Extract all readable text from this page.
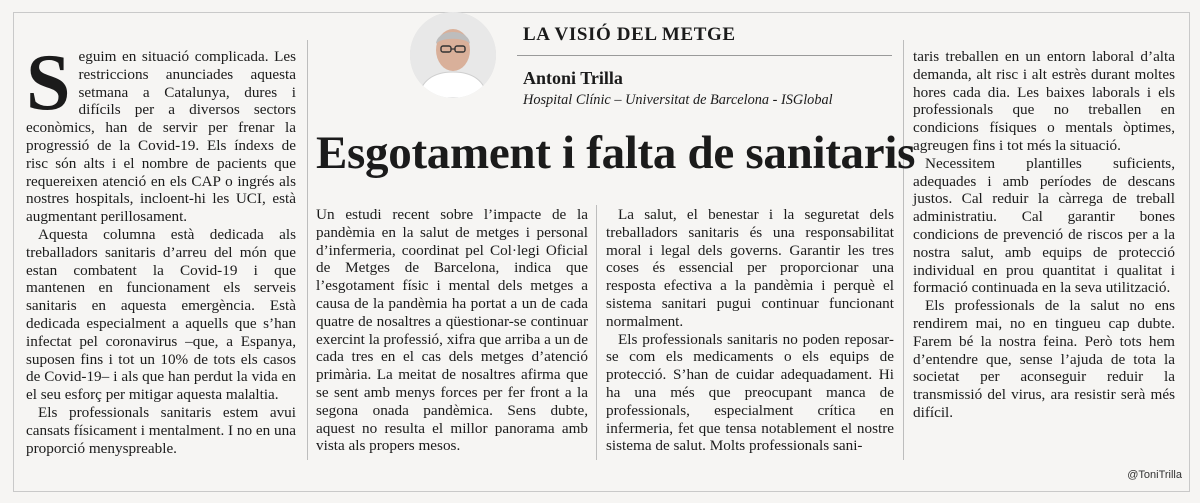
Seguim en situació complicada. Les restriccions anunciades aquesta setmana a Catalunya, dures i difícils per a diversos sectors econòmics, han de servir per frenar la progressió de la Covid-19. Els índexs de risc són alts i el nombre de pacients que requereixen atenció en els CAP o ingrés als nostres hospitals, incloent-hi les UCI, està augmentant perillosament.

Aquesta columna està dedicada als treballadors sanitaris d’arreu del món que estan combatent la Covid-19 i que mantenen en funcionament els serveis sanitaris en aquesta emergència. Està dedicada especialment a aquells que s’han infectat pel coronavirus –que, a Espanya, suposen fins i tot un 10% de tots els casos de Covid-19– i als que han perdut la vida en el seu esforç per mitigar aquesta malaltia.

Els professionals sanitaris estem avui cansats físicament i mentalment. I no en una proporció menyspreable.

LA VISIÓ DEL METGE
Antoni Trilla
Hospital Clínic – Universitat de Barcelona - ISGlobal
Esgotament i falta de sanitaris

Un estudi recent sobre l’impacte de la pandèmia en la salut de metges i personal d’infermeria, coordinat pel Col·legi Oficial de Metges de Barcelona, indica que l’esgotament físic i mental dels metges a causa de la pandèmia ha portat a un de cada quatre de nosaltres a qüestionar-se continuar exercint la professió, xifra que arriba a un de cada tres en el cas dels metges d’atenció primària. La meitat de nosaltres afirma que se sent amb menys forces per fer front a la segona onada pandèmica. Sens dubte, aquest no resulta el millor panorama amb vista als propers mesos.

La salut, el benestar i la seguretat dels treballadors sanitaris és una responsabilitat moral i legal dels governs. Garantir les tres coses és essencial per proporcionar una resposta efectiva a la pandèmia i perquè el sistema sanitari pugui continuar funcionant normalment.

Els professionals sanitaris no poden reposar-se com els medicaments o els equips de protecció. S’han de cuidar adequadament. Hi ha una més que preocupant manca de professionals, especialment crítica en infermeria, fet que tensa notablement el nostre sistema de salut. Molts professionals sani-

taris treballen en un entorn laboral d’alta demanda, alt risc i alt estrès durant moltes hores cada dia. Les baixes laborals i els professionals que no treballen en condicions físiques o mentals òptimes, agreugen fins i tot més la situació.

Necessitem plantilles suficients, adequades i amb períodes de descans justos. Cal reduir la càrrega de treball administratiu. Cal garantir bones condicions de prevenció de riscos per a la nostra salut, amb equips de protecció individual en prou quantitat i qualitat i formació continuada en la seva utilització.

Els professionals de la salut no ens rendirem mai, no en tingueu cap dubte. Farem bé la nostra feina. Però tots hem d’entendre que, sense l’ajuda de tota la societat per aconseguir reduir la transmissió del virus, ara resistir serà més difícil.

@ToniTrilla
